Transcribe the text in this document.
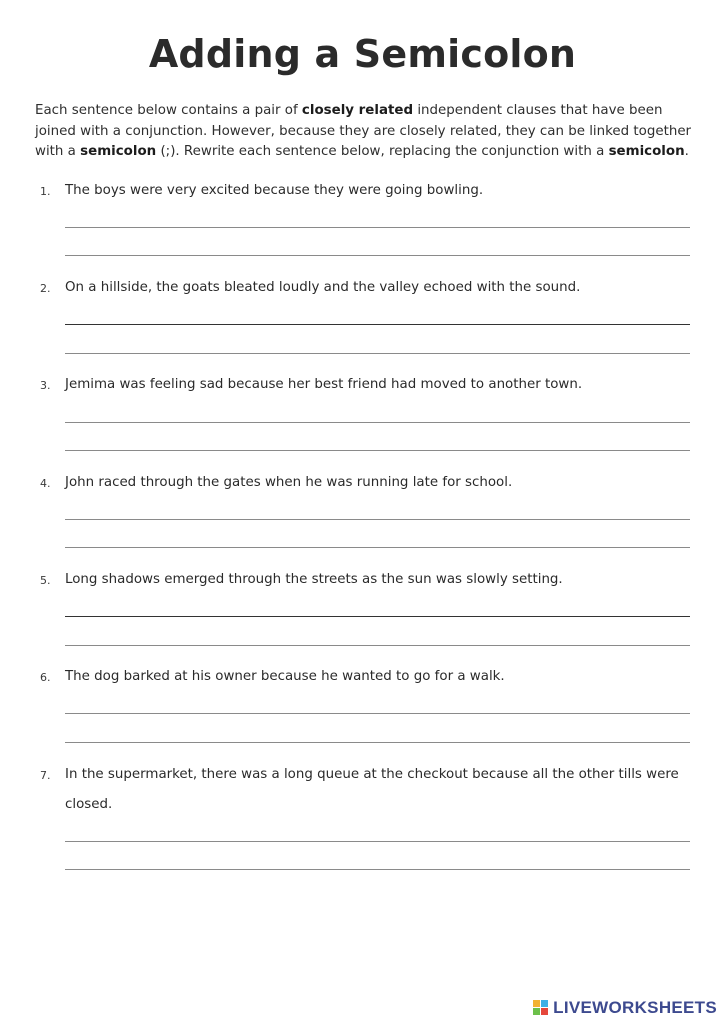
Adding a Semicolon
Each sentence below contains a pair of closely related independent clauses that have been joined with a conjunction. However, because they are closely related, they can be linked together with a semicolon (;). Rewrite each sentence below, replacing the conjunction with a semicolon.
1. The boys were very excited because they were going bowling.
2. On a hillside, the goats bleated loudly and the valley echoed with the sound.
3. Jemima was feeling sad because her best friend had moved to another town.
4. John raced through the gates when he was running late for school.
5. Long shadows emerged through the streets as the sun was slowly setting.
6. The dog barked at his owner because he wanted to go for a walk.
7. In the supermarket, there was a long queue at the checkout because all the other tills were closed.
LIVEWORKSHEETS
